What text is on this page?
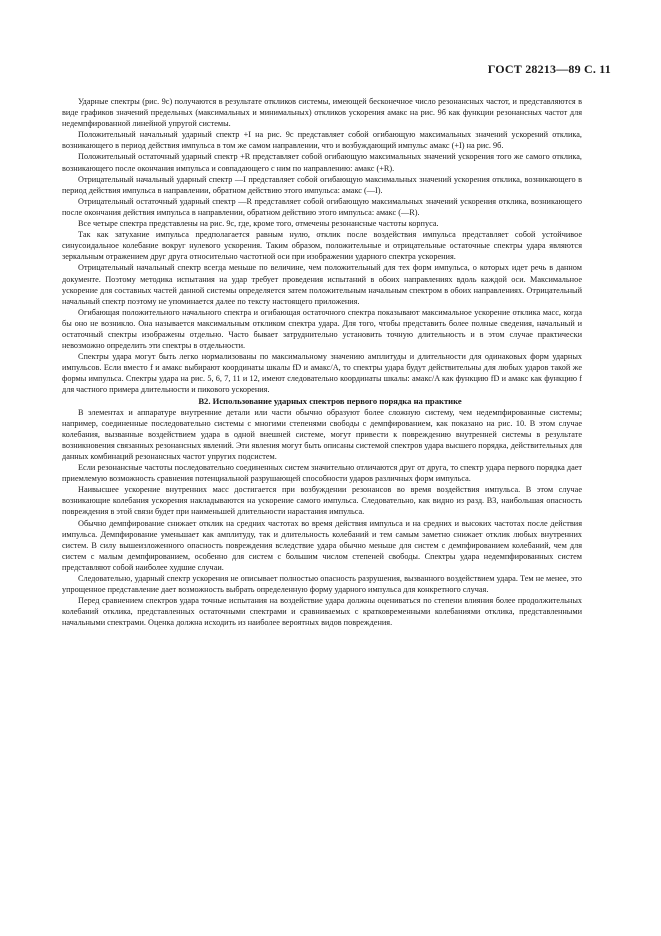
ГОСТ 28213—89 С. 11

Ударные спектры (рис. 9с) получаются в результате откликов системы, имеющей бесконечное число резонансных частот, и представляются в виде графиков значений предельных (максимальных и минимальных) откликов ускорения aмакс на рис. 9б как функции резонансных частот для недемпфированной линейной упругой системы.

Положительный начальный ударный спектр +I на рис. 9с представляет собой огибающую максимальных значений ускорений отклика, возникающего в период действия импульса в том же самом направлении, что и возбуждающий импульс aмакс (+I) на рис. 9б.

Положительный остаточный ударный спектр +R представляет собой огибающую максимальных значений ускорения того же самого отклика, возникающего после окончания импульса и совпадающего с ним по направлению: aмакс (+R).

Отрицательный начальный ударный спектр —I представляет собой огибающую максимальных значений ускорения отклика, возникающего в период действия импульса в направлении, обратном действию этого импульса: aмакс (—I).

Отрицательный остаточный ударный спектр —R представляет собой огибающую максимальных значений ускорения отклика, возникающего после окончания действия импульса в направлении, обратном действию этого импульса: aмакс (—R).

Все четыре спектра представлены на рис. 9с, где, кроме того, отмечены резонансные частоты корпуса.

Так как затухание импульса предполагается равным нулю, отклик после воздействия импульса представляет собой устойчивое синусоидальное колебание вокруг нулевого ускорения. Таким образом, положительные и отрицательные остаточные спектры удара являются зеркальным отражением друг друга относительно частотной оси при изображении ударного спектра ускорения.

Отрицательный начальный спектр всегда меньше по величине, чем положительный для тех форм импульса, о которых идет речь в данном документе. Поэтому методика испытания на удар требует проведения испытаний в обоих направлениях вдоль каждой оси. Максимальное ускорение для составных частей данной системы определяется затем положительным начальным спектром в обоих направлениях. Отрицательный начальный спектр поэтому не упоминается далее по тексту настоящего приложения.

Огибающая положительного начального спектра и огибающая остаточного спектра показывают максимальное ускорение отклика масс, когда бы оно не возникло. Она называется максимальным откликом спектра удара. Для того, чтобы представить более полные сведения, начальный и остаточный спектры изображены отдельно. Часто бывает затруднительно установить точную длительность и в этом случае практически невозможно определить эти спектры в отдельности.

Спектры удара могут быть легко нормализованы по максимальному значению амплитуды и длительности для одинаковых форм ударных импульсов. Если вместо f и aмакс выбирают координаты шкалы fD и aмакс/A, то спектры удара будут действительны для любых ударов такой же формы импульса. Спектры удара на рис. 5, 6, 7, 11 и 12, имеют следовательно координаты шкалы: aмакс/A как функцию fD и aмакс как функцию f для частного примера длительности и пикового ускорения.

В2. Использование ударных спектров первого порядка на практике

В элементах и аппаратуре внутренние детали или части обычно образуют более сложную систему, чем недемпфированные системы; например, соединенные последовательно системы с многими степенями свободы с демпфированием, как показано на рис. 10. В этом случае колебания, вызванные воздействием удара в одной внешней системе, могут привести к повреждению внутренней системы в результате возникновения связанных резонансных явлений. Эти явления могут быть описаны системой спектров удара высшего порядка, действительных для данных комбинаций резонансных частот упругих подсистем.

Если резонансные частоты последовательно соединенных систем значительно отличаются друг от друга, то спектр удара первого порядка дает приемлемую возможность сравнения потенциальной разрушающей способности ударов различных форм импульса.

Наивысшее ускорение внутренних масс достигается при возбуждении резонансов во время воздействия импульса. В этом случае возникающие колебания ускорения накладываются на ускорение самого импульса. Следовательно, как видно из разд. В3, наибольшая опасность повреждения в этой связи будет при наименьшей длительности нарастания импульса.

Обычно демпфирование снижает отклик на средних частотах во время действия импульса и на средних и высоких частотах после действия импульса. Демпфирование уменьшает как амплитуду, так и длительность колебаний и тем самым заметно снижает отклик любых внутренних систем. В силу вышеизложенного опасность повреждения вследствие удара обычно меньше для систем с демпфированием колебаний, чем для систем с малым демпфированием, особенно для систем с большим числом степеней свободы. Спектры удара недемпфированных систем представляют собой наиболее худшие случаи.

Следовательно, ударный спектр ускорения не описывает полностью опасность разрушения, вызванного воздействием удара. Тем не менее, это упрощенное представление дает возможность выбрать определенную форму ударного импульса для конкретного случая.

Перед сравнением спектров удара точные испытания на воздействие удара должны оцениваться по степени влияния более продолжительных колебаний отклика, представленных остаточными спектрами и сравниваемых с кратковременными колебаниями отклика, представленными начальными спектрами. Оценка должна исходить из наиболее вероятных видов повреждения.
